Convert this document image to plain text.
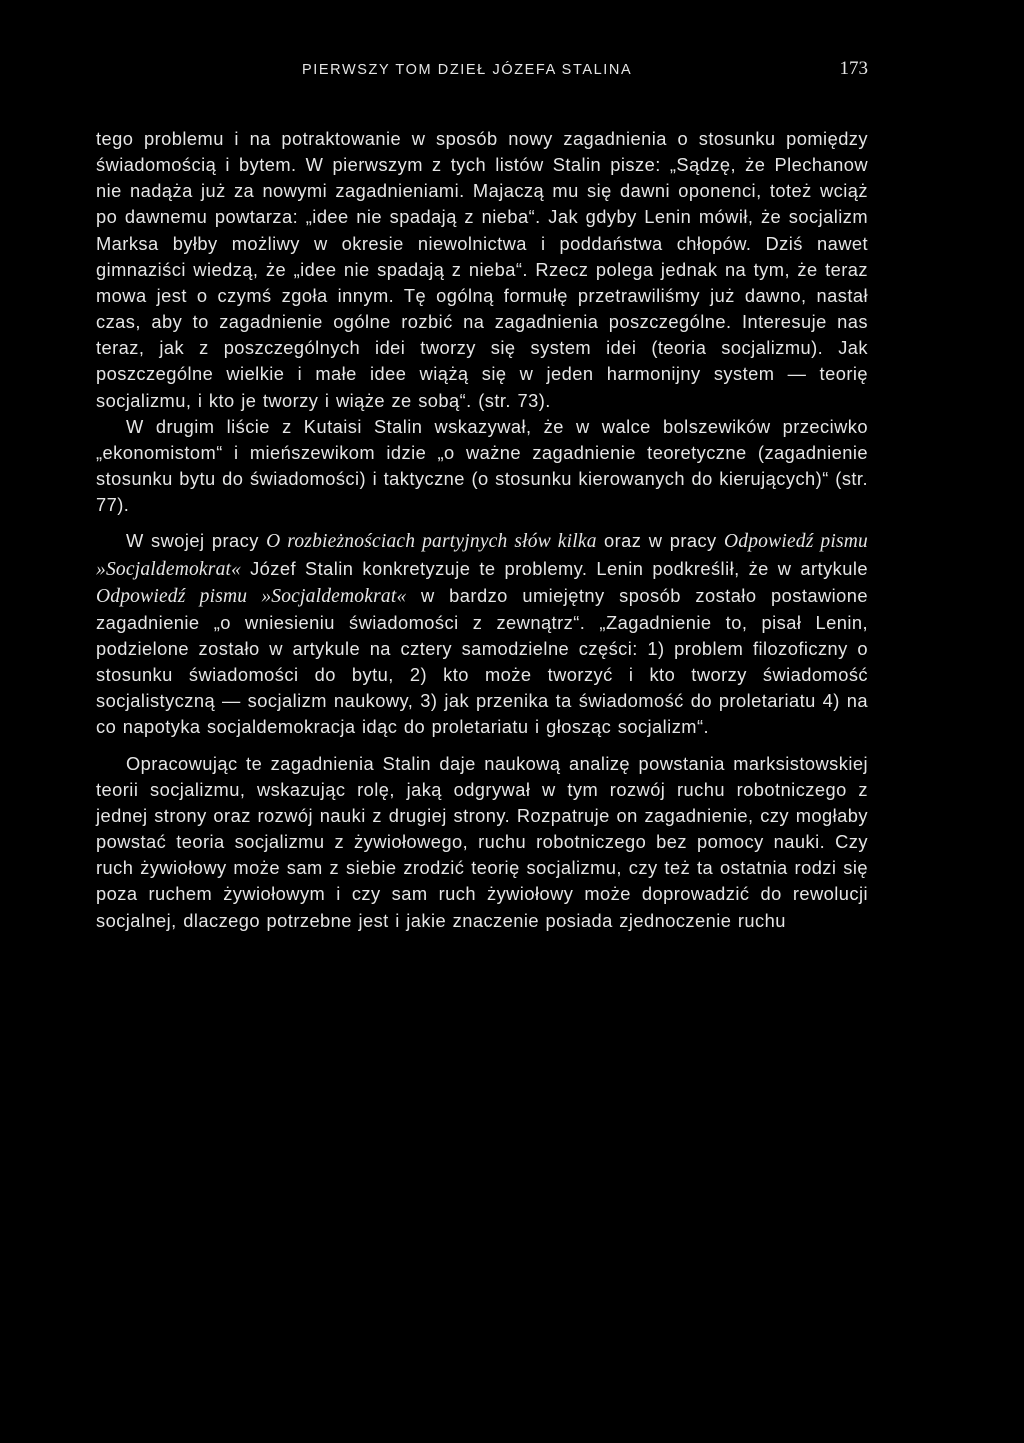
PIERWSZY TOM DZIEŁ JÓZEFA STALINA	173

tego problemu i na potraktowanie w sposób nowy zagadnienia o stosunku pomiędzy świadomością i bytem. W pierwszym z tych listów Stalin pisze: „Sądzę, że Plechanow nie nadąża już za nowymi zagadnieniami. Majaczą mu się dawni oponenci, toteż wciąż po dawnemu powtarza: „idee nie spadają z nieba“. Jak gdyby Lenin mówił, że socjalizm Marksa byłby możliwy w okresie niewolnictwa i poddaństwa chłopów. Dziś nawet gimnaziści wiedzą, że „idee nie spadają z nieba“. Rzecz polega jednak na tym, że teraz mowa jest o czymś zgoła innym. Tę ogólną formułę przetrawiliśmy już dawno, nastał czas, aby to zagadnienie ogólne rozbić na zagadnienia poszczególne. Interesuje nas teraz, jak z poszczególnych idei tworzy się system idei (teoria socjalizmu). Jak poszczególne wielkie i małe idee wiążą się w jeden harmonijny system — teorię socjalizmu, i kto je tworzy i wiąże ze sobą“. (str. 73).

W drugim liście z Kutaisi Stalin wskazywał, że w walce bolszewików przeciwko „ekonomistom“ i mieńszewikom idzie „o ważne zagadnienie teoretyczne (zagadnienie stosunku bytu do świadomości) i taktyczne (o stosunku kierowanych do kierujących)“ (str. 77).

W swojej pracy O rozbieżnościach partyjnych słów kilka oraz w pracy Odpowiedź pismu »Socjaldemokrat« Józef Stalin konkretyzuje te problemy. Lenin podkreślił, że w artykule Odpowiedź pismu »Socjaldemokrat« w bardzo umiejętny sposób zostało postawione zagadnienie „o wniesieniu świadomości z zewnątrz“. „Zagadnienie to, pisał Lenin, podzielone zostało w artykule na cztery samodzielne części: 1) problem filozoficzny o stosunku świadomości do bytu, 2) kto może tworzyć i kto tworzy świadomość socjalistyczną — socjalizm naukowy, 3) jak przenika ta świadomość do proletariatu 4) na co napotyka socjaldemokracja idąc do proletariatu i głosząc socjalizm“.

Opracowując te zagadnienia Stalin daje naukową analizę powstania marksistowskiej teorii socjalizmu, wskazując rolę, jaką odgrywał w tym rozwój ruchu robotniczego z jednej strony oraz rozwój nauki z drugiej strony. Rozpatruje on zagadnienie, czy mogłaby powstać teoria socjalizmu z żywiołowego, ruchu robotniczego bez pomocy nauki. Czy ruch żywiołowy może sam z siebie zrodzić teorię socjalizmu, czy też ta ostatnia rodzi się poza ruchem żywiołowym i czy sam ruch żywiołowy może doprowadzić do rewolucji socjalnej, dlaczego potrzebne jest i jakie znaczenie posiada zjednoczenie ruchu
